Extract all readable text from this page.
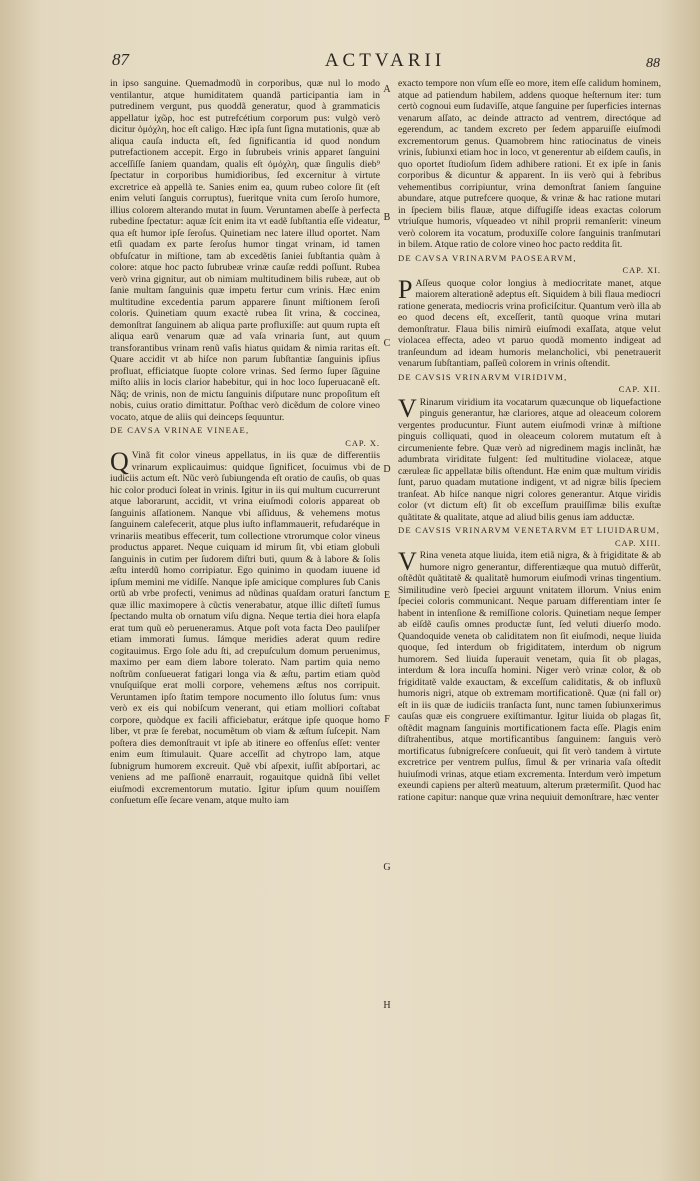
87	ACTVARII	88

in ipso sanguine. Quemadmodũ in corporibus, quæ nul lo modo ventilantur, atque humiditatem quandã participantia iam in putredinem vergunt, pus quoddã generatur, quod à grammaticis appellatur ἰχῶρ, hoc est putrefcétium corporum pus: vulgò verò dicitur ὀμόχλη, hoc eſt caligo. Hæc ipſa ſunt ſigna mutationis, quæ ab aliqua cauſa inducta eſt, ſed ſignificantia id quod nondum putrefactionem accepit. Ergo in ſubrubeis vrinis apparet ſanguini acceſſiſſe ſaniem quandam, qualis eſt ὀμόχλη, quæ ſingulis dieb⁹ ſpectatur in corporibus humidioribus, ſed excernitur à virtute excretrice eà appellà te. Sanies enim ea, quum rubeo colore ſit (eſt enim veluti ſanguis corruptus), fueritque vnita cum ſeroſo humore, illius colorem alterando mutat in ſuum. Veruntamen abeſſe à perfecta rubedine ſpectatur: aquæ ſcit enim ita vt eadẽ ſubſtantia eſſe videatur, qua eſt humor ipſe ſeroſus. Quinetiam nec latere illud oportet. Nam etſi quadam ex parte ſeroſus humor tingat vrinam, id tamen obfuſcatur in miſtione, tam ab excedẽtis ſaniei ſubſtantia quàm à colore: atque hoc pacto ſubrubeæ vrinæ cauſæ reddi poſſunt. Rubea verò vrina gignitur, aut ob nimiam multitudinem bilis rubeæ, aut ob ſanie multam ſanguinis quæ impetu fertur cum vrinis. Hæc enim multitudine excedentia parum apparere ſinunt miſtionem ſeroſi coloris. Quinetiam quum exactè rubea ſit vrina, & coccinea, demonſtrat ſanguinem ab aliqua parte profluxiſſe: aut quum rupta eſt aliqua earũ venarum quæ ad vaſa vrinaria ſunt, aut quum transforantibus vrinam renũ vaſis hiatus quidam & nimia raritas eſt. Quare accidit vt ab hiſce non parum ſubſtantiæ ſanguinis ipſius profluat, efficiatque ſuopte colore vrinas. Sed ſermo ſuper ſãguine miſto aliis in locis clarior habebitur, qui in hoc loco ſuperuacanẽ eſt. Nãq; de vrinis, non de mictu ſanguinis diſputare nunc propoſitum eſt nobis, cuius oratio dimittatur. Poſthac verò dicẽdum de colore vineo vocato, atque de aliis qui deinceps ſequuntur.

DE CAVSA VRINAE VINEAE,
CAP. X.

Q Vinã fit color vineus appellatus, in iis quæ de differentiis vrinarum explicauimus: quidque ſignificet, ſocuimus vbi de iudiciis actum eſt. Nũc verò ſubiungenda eſt oratio de cauſis, ob quas hic color produci ſoleat in vrinis. Igitur in iis qui multum cucurrerunt atque laborarunt, accidit, vt vrina eiuſmodi coloris appareat ob ſanguinis aſſationem. Nanque vbi aſſiduus, & vehemens motus ſanguinem calefecerit, atque plus iuſto inflammauerit, refudaréque in vrinariis meatibus effecerit, tum collectione vtrorumque color vineus productus apparet. Neque cuiquam id mirum ſit, vbi etiam globuli ſanguinis in cutim per ſudorem diſtri buti, quum & à labore & ſolis æſtu interdũ homo corripiatur. Ego quinimo in quodam iuuene id ipſum memini me vidiſſe. Nanque ipſe amicique complures ſub Canis ortũ ab vrbe profecti, venimus ad nũdinas quaſdam oraturi ſanctum quæ illic maximopere à cũctis venerabatur, atque illic diſtetĩ ſumus ſpectando multa ob ornatum viſu digna. Neque tertia diei hora elapſa erat tum quũ eò perueneramus. Atque poſt vota facta Deo pauliſper etiam immorati ſumus. Iámque meridies aderat quum redire cogitauimus. Ergo ſole adu ſti, ad crepuſculum domum peruenimus, maximo per eam diem labore tolerato. Nam partim quia nemo noſtrũm conſueuerat fatigari longa via & æſtu, partim etiam quòd vnuſquiſque erat molli corpore, vehemens æſtus nos corripuit. Veruntamen ipſo ſtatim tempore nocumento illo ſolutus ſum: vnus verò ex eis qui nobiſcum venerant, qui etiam molliori coſtabat corpore, quòdque ex facili afficiebatur, erátque ipſe quoque homo liber, vt præ ſe ferebat, nocumẽtum ob viam & æſtum ſuſcepit. Nam poſtera dies demonſtrauit vt ipſe ab itinere eo offenſus eſſet: venter enim eum ſtimulauit. Quare acceſſit ad chytropo lam, atque ſubnigrum humorem excreuit. Quẽ vbi aſpexit, iuſſit abſportari, ac veniens ad me paſſionẽ enarrauit, rogauitque quidnã ſibi vellet eiuſmodi excrementorum mutatio. Igitur ipſum quum nouiſſem conſuetum eſſe ſecare venam, atque multo iam

exacto tempore non vſum eſſe eo more, item eſſe calidum hominem, atque ad patiendum habilem, addens quoque heſternum iter: tum certò cognoui eum ſudaviſſe, atque ſanguine per ſuperficies internas venarum aſſato, ac deinde attracto ad ventrem, directóque ad egerendum, ac tandem excreto per ſedem apparuiſſe eiuſmodi excrementorum genus. Quamobrem hinc ratiocinatus de vineis vrinis, ſubiunxi etiam hoc in loco, vt generentur ab eiſdem cauſis, in quo oportet ſtudioſum ſidem adhibere rationi. Et ex ipſe in ſanis corporibus & dicuntur & apparent. In iis verò qui à febribus vehementibus corripiuntur, vrina demonſtrat ſaniem ſanguine abundare, atque putrefcere quoque, & vrinæ & hac ratione mutari in ſpeciem bilis flauæ, atque diſfugiſſe ideas exactas colorum vtriuſque humoris, vſqueadeo vt nihil proprii remanſerit: vineum verò colorem ita vocatum, produxiſſe colore ſanguinis tranſmutari in bilem. Atque ratio de colore vineo hoc pacto reddita ſit.

DE CAVSA VRINARVM PAOSEARVM,
CAP. XI.

P Aſſeus quoque color longius à mediocritate manet, atque maiorem alterationẽ adeptus eſt. Siquidem à bili flaua mediocri ratione generata, mediocris vrina proficiſcitur. Quantum verò illa ab eo quod decens eſt, exceſſerit, tantũ quoque vrina mutari demonſtratur. Flaua bilis nimirũ eiuſmodi exaſſata, atque velut violacea effecta, adeo vt paruo quodã momento indigeat ad tranſeundum ad ideam humoris melancholici, vbi penetrauerit venarum ſubſtantiam, paſſeũ colorem in vrinis oſtendit.

DE CAVSIS VRINARVM VIRIDIVM,
CAP. XII.

V Rinarum viridium ita vocatarum quæcunque ob liquefactione pinguis generantur, hæ clariores, atque ad oleaceum colorem vergentes producuntur. Fiunt autem eiuſmodi vrinæ à miſtione pinguis colliquati, quod in oleaceum colorem mutatum eſt à circumeniente febre. Quæ verò ad nigredinem magis inclinãt, hæ adumbrata viriditate fulgent: ſed multitudine violaceæ, atque cæruleæ ſic appellatæ bilis oſtendunt. Hæ enim quæ multum viridis ſunt, paruo quadam mutatione indigent, vt ad nigræ bilis ſpeciem tranſeat. Ab hiſce nanque nigri colores generantur. Atque viridis color (vt dictum eſt) ſit ob exceſſum prauiſſimæ bilis exuſtæ quãtitate & qualitate, atque ad aliud bilis genus iam adductæ.

DE CAVSIS VRINARVM VENETARVM ET LIUIDARUM,
CAP. XIII.

V Rina veneta atque liuida, item etiã nigra, & à frigiditate & ab humore nigro generantur, differentiæque qua mutuò differũt, oſtẽdũt quãtitatẽ & qualitatẽ humorum eiuſmodi vrinas tingentium. Similitudine verò ſpeciei arguunt vnitatem illorum. Vnius enim ſpeciei coloris communicant. Neque paruam differentiam inter ſe habent in intenſione & remiſſione coloris. Quinetiam neque ſemper ab eiſdẽ cauſis omnes productæ ſunt, ſed veluti diuerſo modo. Quandoquide veneta ob caliditatem non ſit eiuſmodi, neque liuida quoque, ſed interdum ob frigiditatem, interdum ob nigrum humorem. Sed liuida ſuperauit venetam, quia ſit ob plagas, interdum & lora incuſſa homini. Niger verò vrinæ color, & ob frigiditatẽ valde exauctam, & exceſſum caliditatis, & ob influxũ humoris nigri, atque ob extremam mortificationẽ. Quæ (ni fall or) eſt in iis quæ de iudiciis tranſacta ſunt, nunc tamen ſubiunxerimus cauſas quæ eis congruere exiſtimantur. Igitur liuida ob plagas ſit, oſtẽdit magnam ſanguinis mortificationem facta eſſe. Plagis enim diſtrahentibus, atque mortificantibus ſanguinem: ſanguis verò mortificatus ſubnigreſcere conſueuit, qui ſit verò tandem à virtute excretrice per ventrem pulſus, ſimul & per vrinaria vaſa oſtedit huiuſmodi vrinas, atque etiam excrementa. Interdum verò impetum exeundi capiens per alterũ meatuum, alterum prætermiſit. Quod hac ratione capitur: nanque quæ vrina nequiuit demonſtrare, hæc venter

A
B
C
D
E
F
G
H
